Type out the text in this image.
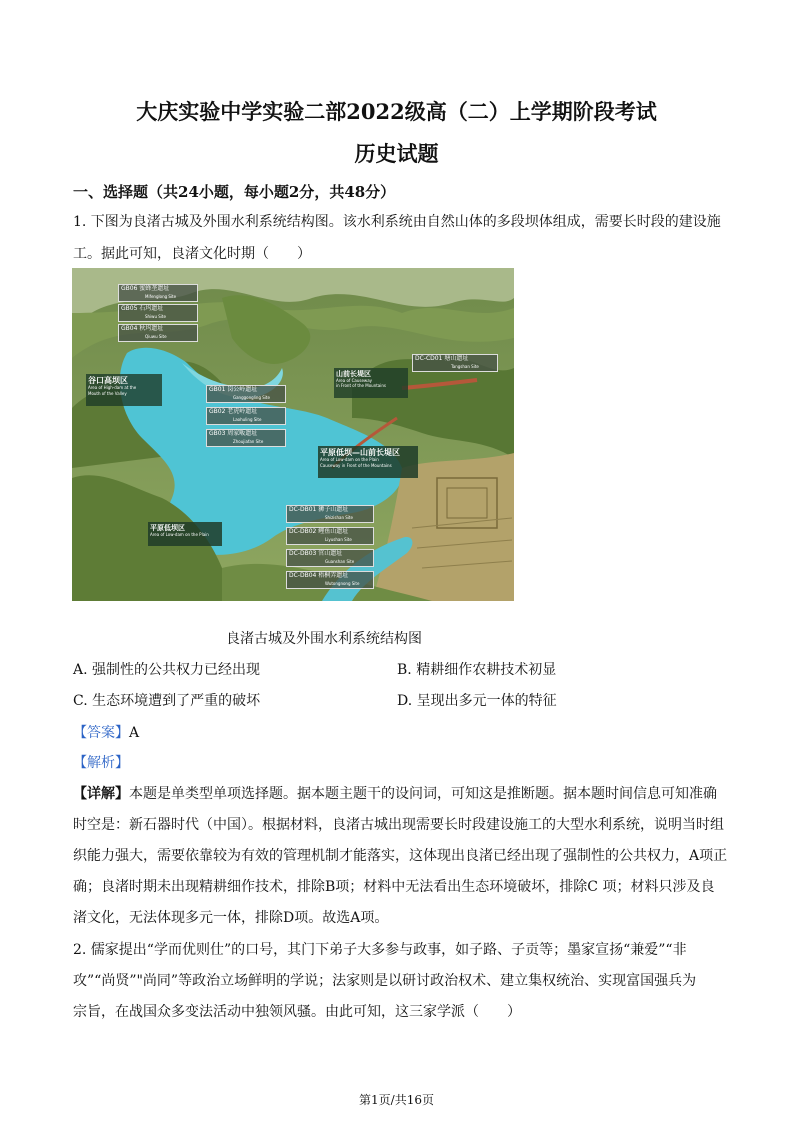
大庆实验中学实验二部2022级高（二）上学期阶段考试
历史试题
一、选择题（共24小题，每小题2分，共48分）
1. 下图为良渚古城及外围水利系统结构图。该水利系统由自然山体的多段坝体组成，需要长时段的建设施
工。据此可知，良渚文化时期（　　）
GB06 蜜蜂垄遗址
Mifenglong Site
GB05 石坞遗址
Shiwu Site
GB04 秋坞遗址
Qiuwu Site
谷口高坝区
Area of High-dam at the
Mouth of the Valley
GB01 岗公岭遗址
Ganggongling Site
GB02 老虎岭遗址
Laohuling Site
GB03 周家畈遗址
Zhoujiafan Site
山前长堤区
Area of Causeway
in Front of the Mountains
DC-CD01 塘山遗址
Tangshan Site
平原低坝—山前长堤区
Area of Low-dam on the Plain
Causeway in Front of the Mountains
平原低坝区
Area of Low-dam on the Plain
DC-DB01 狮子山遗址
Shizishan Site
DC-DB02 鲤鱼山遗址
Liyushan Site
DC-DB03 官山遗址
Guanshan Site
DC-DB04 梧桐弄遗址
Wutongnong Site
良渚古城及外围水利系统结构图
A. 强制性的公共权力已经出现	B. 精耕细作农耕技术初显
C. 生态环境遭到了严重的破坏	D. 呈现出多元一体的特征
【答案】A
【解析】
【详解】本题是单类型单项选择题。据本题主题干的设问词，可知这是推断题。据本题时间信息可知准确
时空是：新石器时代（中国）。根据材料，良渚古城出现需要长时段建设施工的大型水利系统，说明当时组
织能力强大，需要依靠较为有效的管理机制才能落实，这体现出良渚已经出现了强制性的公共权力，A项正
确；良渚时期未出现精耕细作技术，排除B项；材料中无法看出生态环境破坏，排除C 项；材料只涉及良
渚文化，无法体现多元一体，排除D项。故选A项。
2. 儒家提出“学而优则仕”的口号，其门下弟子大多参与政事，如子路、子贡等；墨家宣扬“兼爱”“非
攻”“尚贤”"尚同”等政治立场鲜明的学说；法家则是以研讨政治权术、建立集权统治、实现富国强兵为
宗旨，在战国众多变法活动中独领风骚。由此可知，这三家学派（　　）
第1页/共16页
